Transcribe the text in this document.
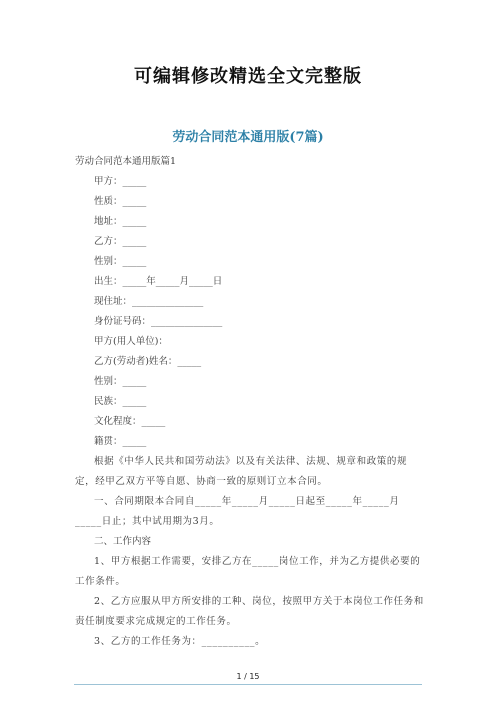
可编辑修改精选全文完整版
劳动合同范本通用版(7篇)
劳动合同范本通用版篇1
甲方：_____
性质：_____
地址：_____
乙方：_____
性别：_____
出生：_____年_____月_____日
现住址：_______________
身份证号码：_______________
甲方(用人单位)：
乙方(劳动者)姓名：_____
性别：_____
民族：_____
文化程度：_____
籍贯：_____
根据《中华人民共和国劳动法》以及有关法律、法规、规章和政策的规定，经甲乙双方平等自愿、协商一致的原则订立本合同。
一、合同期限本合同自_____年_____月_____日起至_____年_____月_____日止；其中试用期为3月。
二、工作内容
1、甲方根据工作需要，安排乙方在_____岗位工作，并为乙方提供必要的工作条件。
2、乙方应服从甲方所安排的工种、岗位，按照甲方关于本岗位工作任务和责任制度要求完成规定的工作任务。
3、乙方的工作任务为：__________。
1 / 15
